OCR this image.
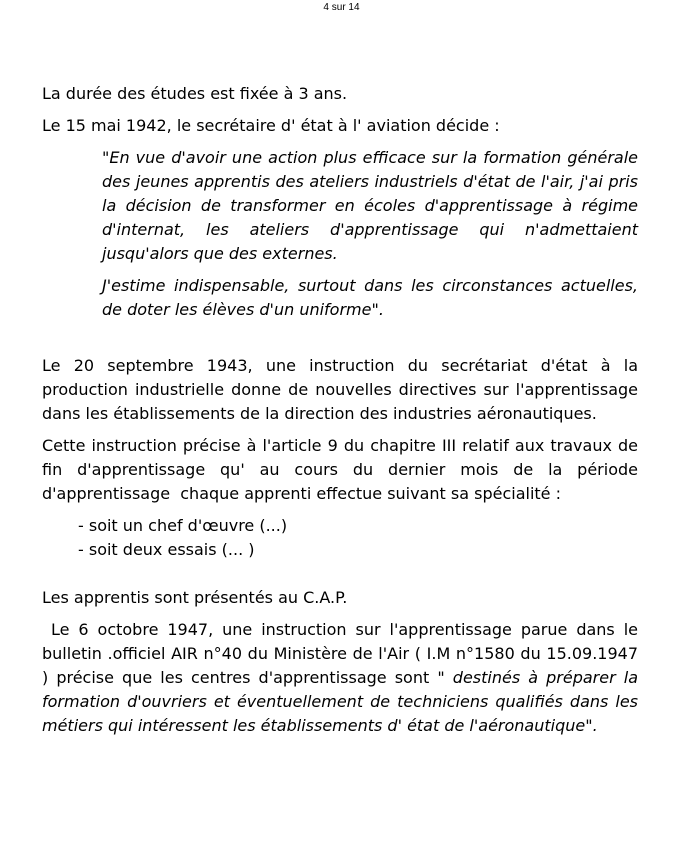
4 sur 14

La durée des études est fixée à 3 ans.

Le 15 mai 1942, le secrétaire d' état à l' aviation décide :

"En vue d'avoir une action plus efficace sur la formation générale des jeunes apprentis des ateliers industriels d'état de l'air, j'ai pris la décision de transformer en écoles d'apprentissage à régime d'internat, les ateliers d'apprentissage qui n'admettaient jusqu'alors que des externes.

J'estime indispensable, surtout dans les circonstances actuelles, de doter les élèves d'un uniforme".

Le 20 septembre 1943, une instruction du secrétariat d'état à la production industrielle donne de nouvelles directives sur l'apprentissage dans les établissements de la direction des industries aéronautiques.

Cette instruction précise à l'article 9 du chapitre III relatif aux travaux de fin d'apprentissage qu' au cours du dernier mois de la période d'apprentissage  chaque apprenti effectue suivant sa spécialité :

- soit un chef d'œuvre (...)
- soit deux essais (... )

Les apprentis sont présentés au C.A.P.

Le 6 octobre 1947, une instruction sur l'apprentissage parue dans le bulletin .officiel AIR n°40 du Ministère de l'Air ( I.M n°1580 du 15.09.1947 ) précise que les centres d'apprentissage sont " destinés à préparer la formation d'ouvriers et éventuellement de techniciens qualifiés dans les métiers qui intéressent les établissements d' état de l'aéronautique".
